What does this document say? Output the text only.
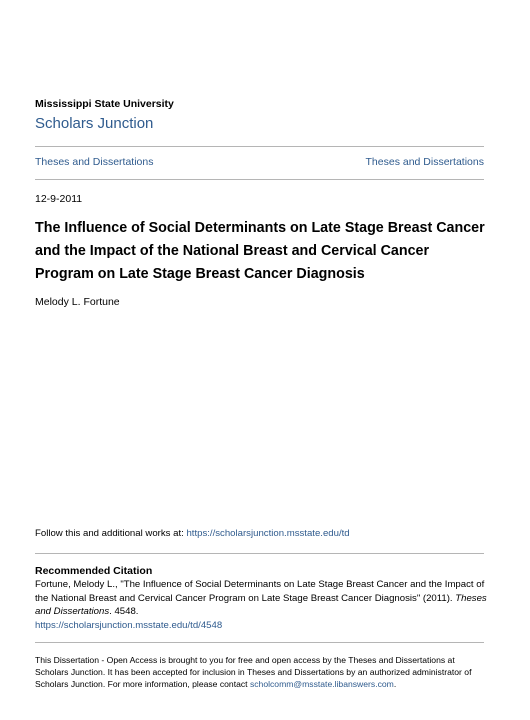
Mississippi State University
Scholars Junction
Theses and Dissertations	Theses and Dissertations
12-9-2011
The Influence of Social Determinants on Late Stage Breast Cancer and the Impact of the National Breast and Cervical Cancer Program on Late Stage Breast Cancer Diagnosis
Melody L. Fortune
Follow this and additional works at: https://scholarsjunction.msstate.edu/td
Recommended Citation
Fortune, Melody L., "The Influence of Social Determinants on Late Stage Breast Cancer and the Impact of the National Breast and Cervical Cancer Program on Late Stage Breast Cancer Diagnosis" (2011). Theses and Dissertations. 4548.
https://scholarsjunction.msstate.edu/td/4548
This Dissertation - Open Access is brought to you for free and open access by the Theses and Dissertations at Scholars Junction. It has been accepted for inclusion in Theses and Dissertations by an authorized administrator of Scholars Junction. For more information, please contact scholcomm@msstate.libanswers.com.
